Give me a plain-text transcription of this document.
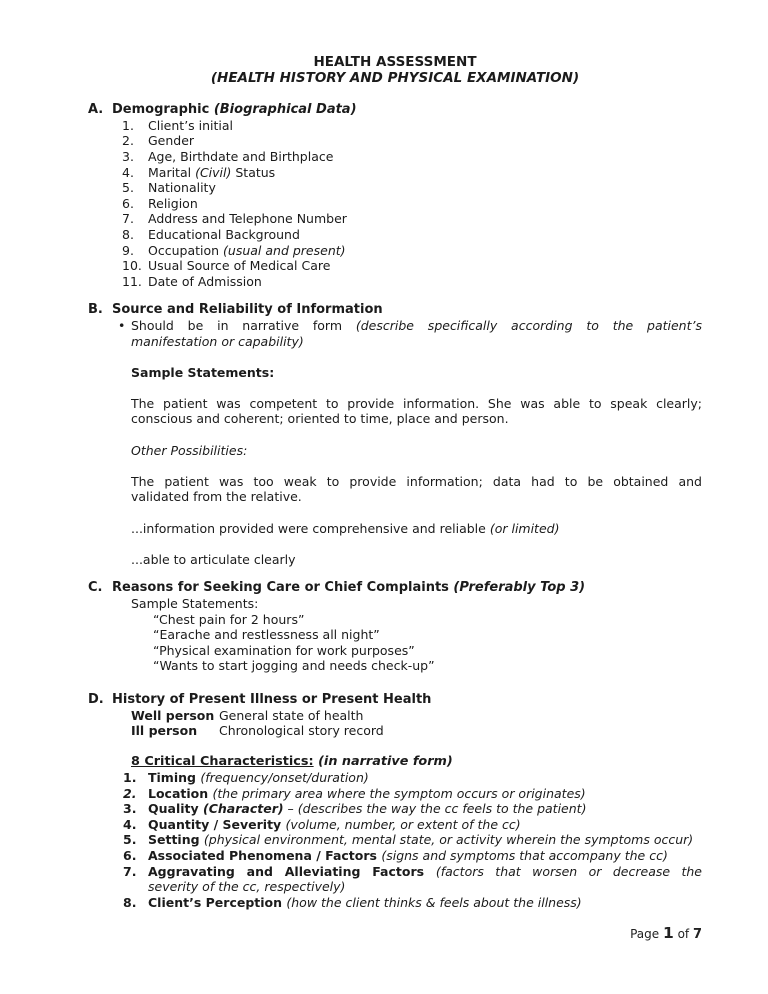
HEALTH ASSESSMENT
(HEALTH HISTORY AND PHYSICAL EXAMINATION)
A. Demographic (Biographical Data)
1.	Client’s initial
2.	Gender
3.	Age, Birthdate and Birthplace
4.	Marital (Civil) Status
5.	Nationality
6.	Religion
7.	Address and Telephone Number
8.	Educational Background
9.	Occupation (usual and present)
10. Usual Source of Medical Care
11. Date of Admission
B. Source and Reliability of Information
• Should be in narrative form (describe specifically according to the patient’s
manifestation or capability)
Sample Statements:
The patient was competent to provide information. She was able to speak clearly;
conscious and coherent; oriented to time, place and person.
Other Possibilities:
The patient was too weak to provide information; data had to be obtained and
validated from the relative.
...information provided were comprehensive and reliable (or limited)
...able to articulate clearly
C. Reasons for Seeking Care or Chief Complaints (Preferably Top 3)
Sample Statements:
“Chest pain for 2 hours”
“Earache and restlessness all night”
“Physical examination for work purposes”
“Wants to start jogging and needs check-up”
D. History of Present Illness or Present Health
Well person General state of health
Ill person Chronological story record
8 Critical Characteristics: (in narrative form)
1. Timing (frequency/onset/duration)
2. Location (the primary area where the symptom occurs or originates)
3. Quality (Character) – (describes the way the cc feels to the patient)
4. Quantity / Severity (volume, number, or extent of the cc)
5. Setting (physical environment, mental state, or activity wherein the symptoms occur)
6. Associated Phenomena / Factors (signs and symptoms that accompany the cc)
7. Aggravating and Alleviating Factors (factors that worsen or decrease the
severity of the cc, respectively)
8. Client’s Perception (how the client thinks & feels about the illness)
Page 1 of 7
